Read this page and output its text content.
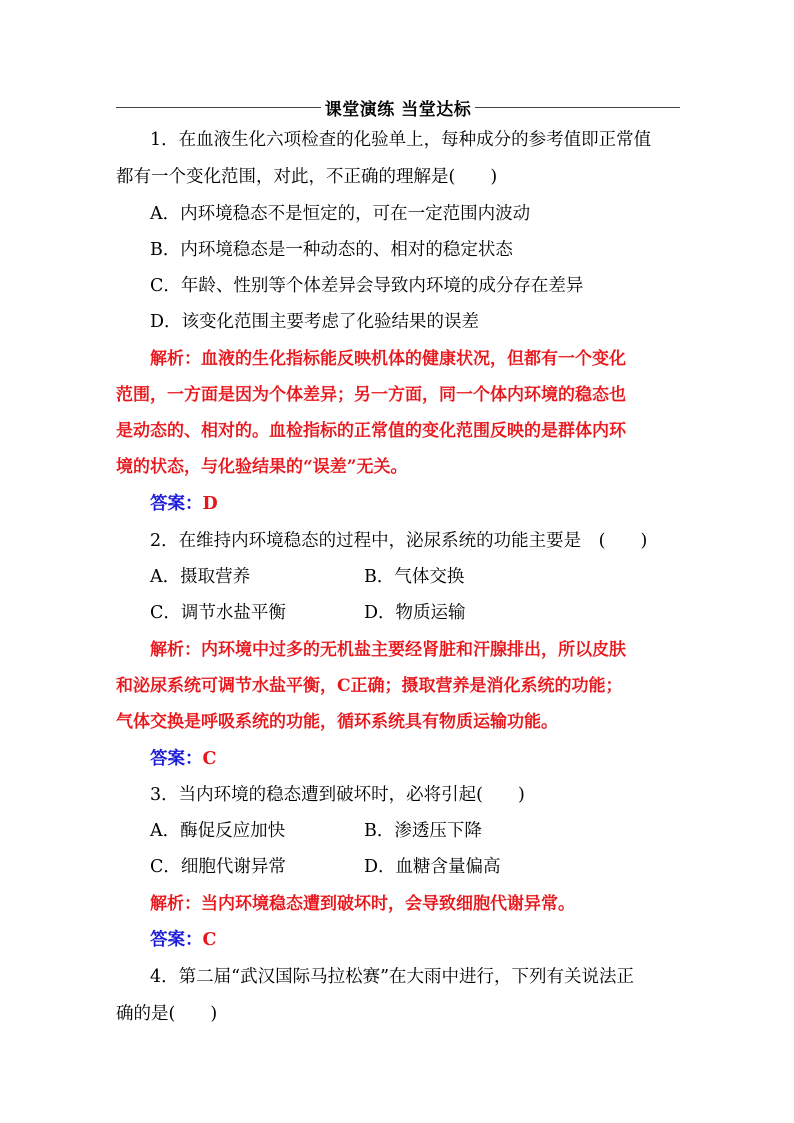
课堂演练 当堂达标
1．在血液生化六项检查的化验单上，每种成分的参考值即正常值
都有一个变化范围，对此，不正确的理解是(　　)
A．内环境稳态不是恒定的，可在一定范围内波动
B．内环境稳态是一种动态的、相对的稳定状态
C．年龄、性别等个体差异会导致内环境的成分存在差异
D．该变化范围主要考虑了化验结果的误差
解析：血液的生化指标能反映机体的健康状况，但都有一个变化
范围，一方面是因为个体差异；另一方面，同一个体内环境的稳态也
是动态的、相对的。血检指标的正常值的变化范围反映的是群体内环
境的状态，与化验结果的“误差”无关。
答案：D
2．在维持内环境稳态的过程中，泌尿系统的功能主要是　(　　)
A．摄取营养	B．气体交换
C．调节水盐平衡	D．物质运输
解析：内环境中过多的无机盐主要经肾脏和汗腺排出，所以皮肤
和泌尿系统可调节水盐平衡，C正确；摄取营养是消化系统的功能；
气体交换是呼吸系统的功能，循环系统具有物质运输功能。
答案：C
3．当内环境的稳态遭到破坏时，必将引起(　　)
A．酶促反应加快	B．渗透压下降
C．细胞代谢异常	D．血糖含量偏高
解析：当内环境稳态遭到破坏时，会导致细胞代谢异常。
答案：C
4．第二届“武汉国际马拉松赛”在大雨中进行，下列有关说法正
确的是(　　)
